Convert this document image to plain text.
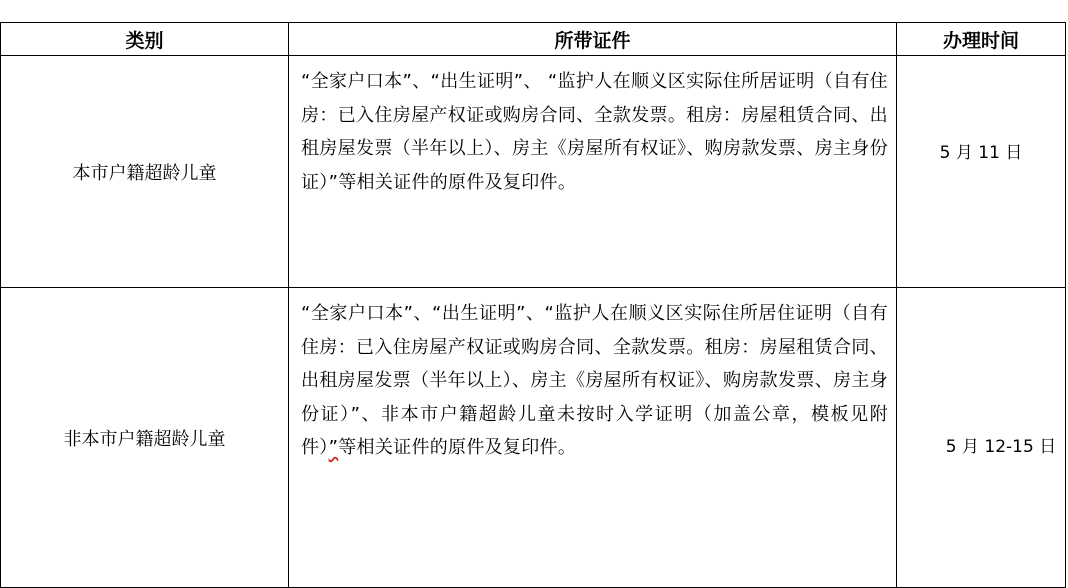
类别	所带证件	办理时间
本市户籍超龄儿童	“全家户口本”、“出生证明”、 “监护人在顺义区实际住所居证明（自有住房：已入住房屋产权证或购房合同、全款发票。租房：房屋租赁合同、出租房屋发票（半年以上）、房主《房屋所有权证》、购房款发票、房主身份证）”等相关证件的原件及复印件。	5 月 11 日

非本市户籍超龄儿童	“全家户口本”、“出生证明”、“监护人在顺义区实际住所居住证明（自有住房：已入住房屋产权证或购房合同、全款发票。租房：房屋租赁合同、出租房屋发票（半年以上）、房主《房屋所有权证》、购房款发票、房主身份证）”、非本市户籍超龄儿童未按时入学证明（加盖公章，模板见附件）”等相关证件的原件及复印件。	5 月 12-15 日
